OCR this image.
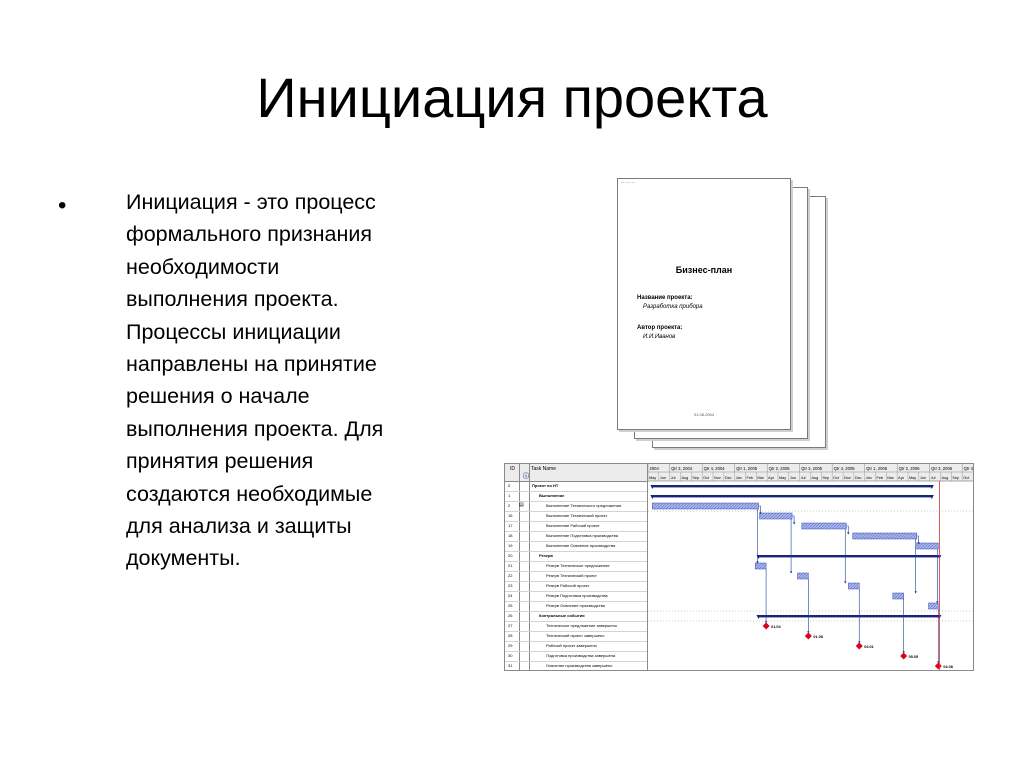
Инициация проекта
•	Инициация - это процесс
формального признания
необходимости
выполнения проекта.
Процессы инициации
направлены на принятие
решения о начале
выполнения проекта. Для
принятия решения
создаются необходимые
для анализа и защиты
документы.
— — —
Бизнес-план
Название проекта:
Разработка прибора
Автор проекта:
И.И.Иванов
01.08.2004
ID
ⓘ
Task Name
0	Проект по НТ
1	Выполнение
2	▤	Выполнение Технического предложения
16	Выполнение Технический проект
17	Выполнение Рабочий проект
18	Выполнение Подготовка производства
19	Выполнение Освоение производства
20	Резерв
21	Резерв Техническое предложение
22	Резерв Технический проект
23	Резерв Рабочий проект
24	Резерв Подготовка производства
25	Резерв Освоение производства
26	Контрольные события
27	Техническое предложение завершено
28	Технический проект завершено
29	Рабочий проект завершено
30	Подготовка производства завершена
31	Освоение производства завершено
2004	Qtr 3, 2004	Qtr 4, 2004	Qtr 1, 2005	Qtr 2, 2005	Qtr 3, 2005	Qtr 4, 2005	Qtr 1, 2006	Qtr 2, 2006	Qtr 3, 2006	Qtr 4
May Jun Jul Aug Sep Oct Nov Dec Jan Feb Mar Apr May Jun Jul Aug Sep Oct Nov Dec Jan Feb Mar Apr May Jun Jul Aug Sep Oct
01.04
01.08
03.01
05.05
04.08
